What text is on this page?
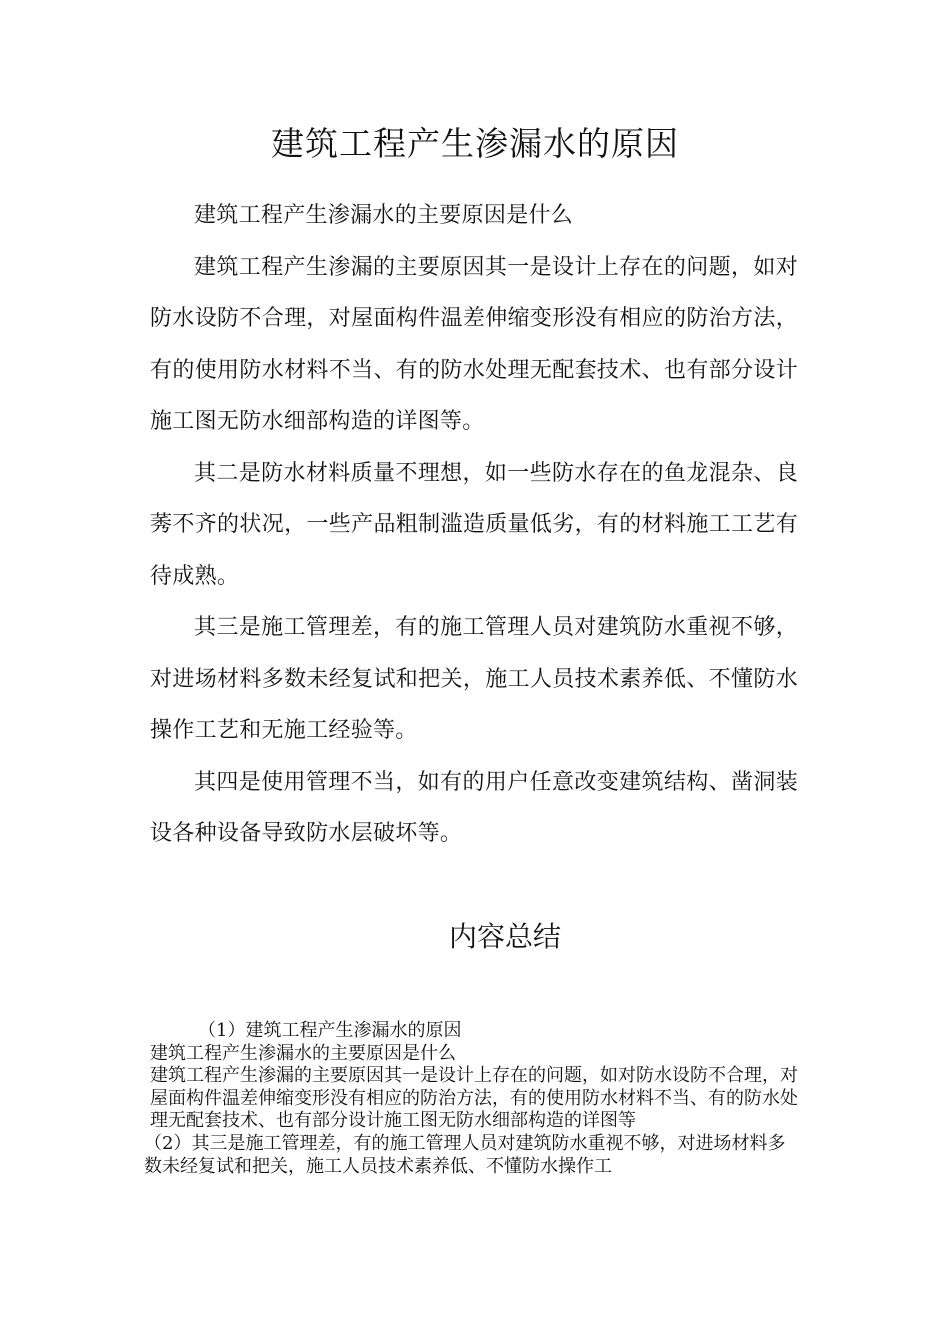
建筑工程产生渗漏水的原因

建筑工程产生渗漏水的主要原因是什么

建筑工程产生渗漏的主要原因其一是设计上存在的问题，如对防水设防不合理，对屋面构件温差伸缩变形没有相应的防治方法，有的使用防水材料不当、有的防水处理无配套技术、也有部分设计施工图无防水细部构造的详图等。

其二是防水材料质量不理想，如一些防水存在的鱼龙混杂、良莠不齐的状况，一些产品粗制滥造质量低劣，有的材料施工工艺有待成熟。

其三是施工管理差，有的施工管理人员对建筑防水重视不够，对进场材料多数未经复试和把关，施工人员技术素养低、不懂防水操作工艺和无施工经验等。

其四是使用管理不当，如有的用户任意改变建筑结构、凿洞装设各种设备导致防水层破坏等。

内容总结

（1）建筑工程产生渗漏水的原因

建筑工程产生渗漏水的主要原因是什么

建筑工程产生渗漏的主要原因其一是设计上存在的问题，如对防水设防不合理，对屋面构件温差伸缩变形没有相应的防治方法，有的使用防水材料不当、有的防水处理无配套技术、也有部分设计施工图无防水细部构造的详图等

（2）其三是施工管理差，有的施工管理人员对建筑防水重视不够，对进场材料多数未经复试和把关，施工人员技术素养低、不懂防水操作工
